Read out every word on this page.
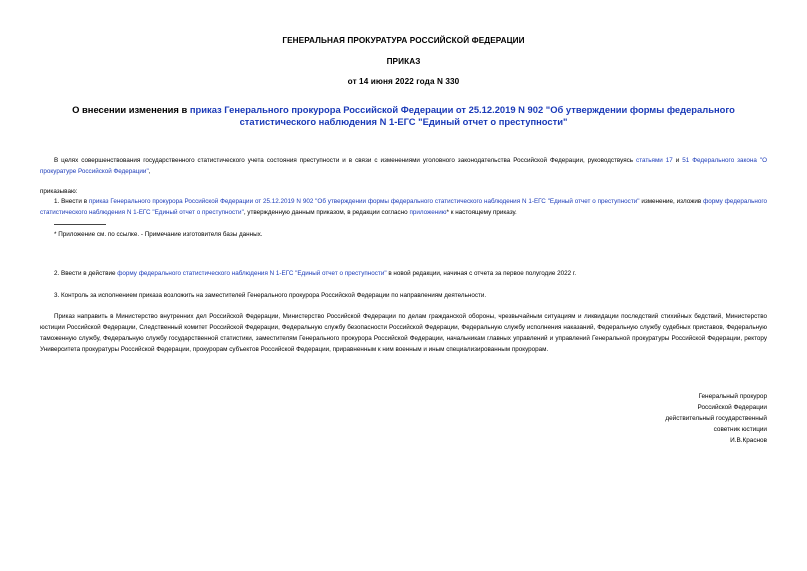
ГЕНЕРАЛЬНАЯ ПРОКУРАТУРА РОССИЙСКОЙ ФЕДЕРАЦИИ
ПРИКАЗ
от 14 июня 2022 года N 330
О внесении изменения в приказ Генерального прокурора Российской Федерации от 25.12.2019 N 902 "Об утверждении формы федерального статистического наблюдения N 1-ЕГС "Единый отчет о преступности"
В целях совершенствования государственного статистического учета состояния преступности и в связи с изменениями уголовного законодательства Российской Федерации, руководствуясь статьями 17 и 51 Федерального закона "О прокуратуре Российской Федерации",
приказываю:
1. Внести в приказ Генерального прокурора Российской Федерации от 25.12.2019 N 902 "Об утверждении формы федерального статистического наблюдения N 1-ЕГС "Единый отчет о преступности" изменение, изложив форму федерального статистического наблюдения N 1-ЕГС "Единый отчет о преступности", утвержденную данным приказом, в редакции согласно приложению* к настоящему приказу.
* Приложение см. по ссылке. - Примечание изготовителя базы данных.
2. Ввести в действие форму федерального статистического наблюдения N 1-ЕГС "Единый отчет о преступности" в новой редакции, начиная с отчета за первое полугодие 2022 г.
3. Контроль за исполнением приказа возложить на заместителей Генерального прокурора Российской Федерации по направлениям деятельности.
Приказ направить в Министерство внутренних дел Российской Федерации, Министерство Российской Федерации по делам гражданской обороны, чрезвычайным ситуациям и ликвидации последствий стихийных бедствий, Министерство юстиции Российской Федерации, Следственный комитет Российской Федерации, Федеральную службу безопасности Российской Федерации, Федеральную службу исполнения наказаний, Федеральную службу судебных приставов, Федеральную таможенную службу, Федеральную службу государственной статистики, заместителям Генерального прокурора Российской Федерации, начальникам главных управлений и управлений Генеральной прокуратуры Российской Федерации, ректору Университета прокуратуры Российской Федерации, прокурорам субъектов Российской Федерации, приравненным к ним военным и иным специализированным прокурорам.
Генеральный прокурор
Российской Федерации
действительный государственный
советник юстиции
И.В.Краснов
